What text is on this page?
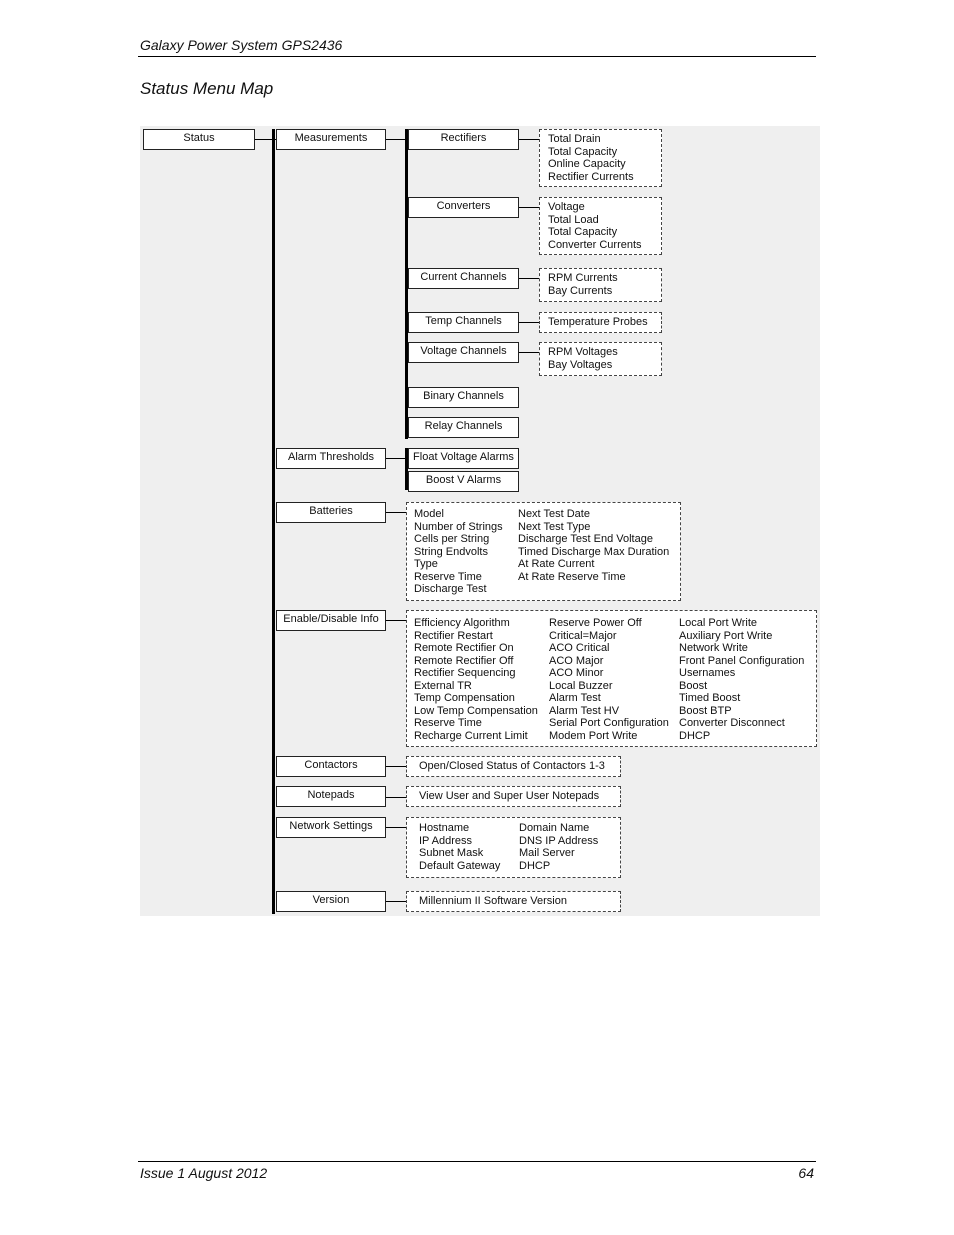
Galaxy Power System GPS2436
Status Menu Map
Status	Measurements
Alarm Thresholds
Batteries
Enable/Disable Info
Contactors
Notepads
Network Settings
Version
Rectifiers
Converters
Current Channels
Temp Channels
Voltage Channels
Binary Channels
Relay Channels
Float Voltage Alarms
Boost V Alarms
Total Drain
Total Capacity
Online Capacity
Rectifier Currents
Voltage
Total Load
Total Capacity
Converter Currents
RPM Currents
Bay Currents
Temperature Probes
RPM Voltages
Bay Voltages
Model
Number of Strings
Cells per String
String Endvolts
Type
Reserve Time
Discharge Test
Next Test Date
Next Test Type
Discharge Test End Voltage
Timed Discharge Max Duration
At Rate Current
At Rate Reserve Time
Efficiency Algorithm
Rectifier Restart
Remote Rectifier On
Remote Rectifier Off
Rectifier Sequencing
External TR
Temp Compensation
Low Temp Compensation
Reserve Time
Recharge Current Limit
Reserve Power Off
Critical=Major
ACO Critical
ACO Major
ACO Minor
Local Buzzer
Alarm Test
Alarm Test HV
Serial Port Configuration
Modem Port Write
Local Port Write
Auxiliary Port Write
Network Write
Front Panel Configuration
Usernames
Boost
Timed Boost
Boost BTP
Converter Disconnect
DHCP
Open/Closed Status of Contactors 1-3
View User and Super User Notepads
Hostname
IP Address
Subnet Mask
Default Gateway
Domain Name
DNS IP Address
Mail Server
DHCP
Millennium II Software Version
Issue 1 August 2012	64
